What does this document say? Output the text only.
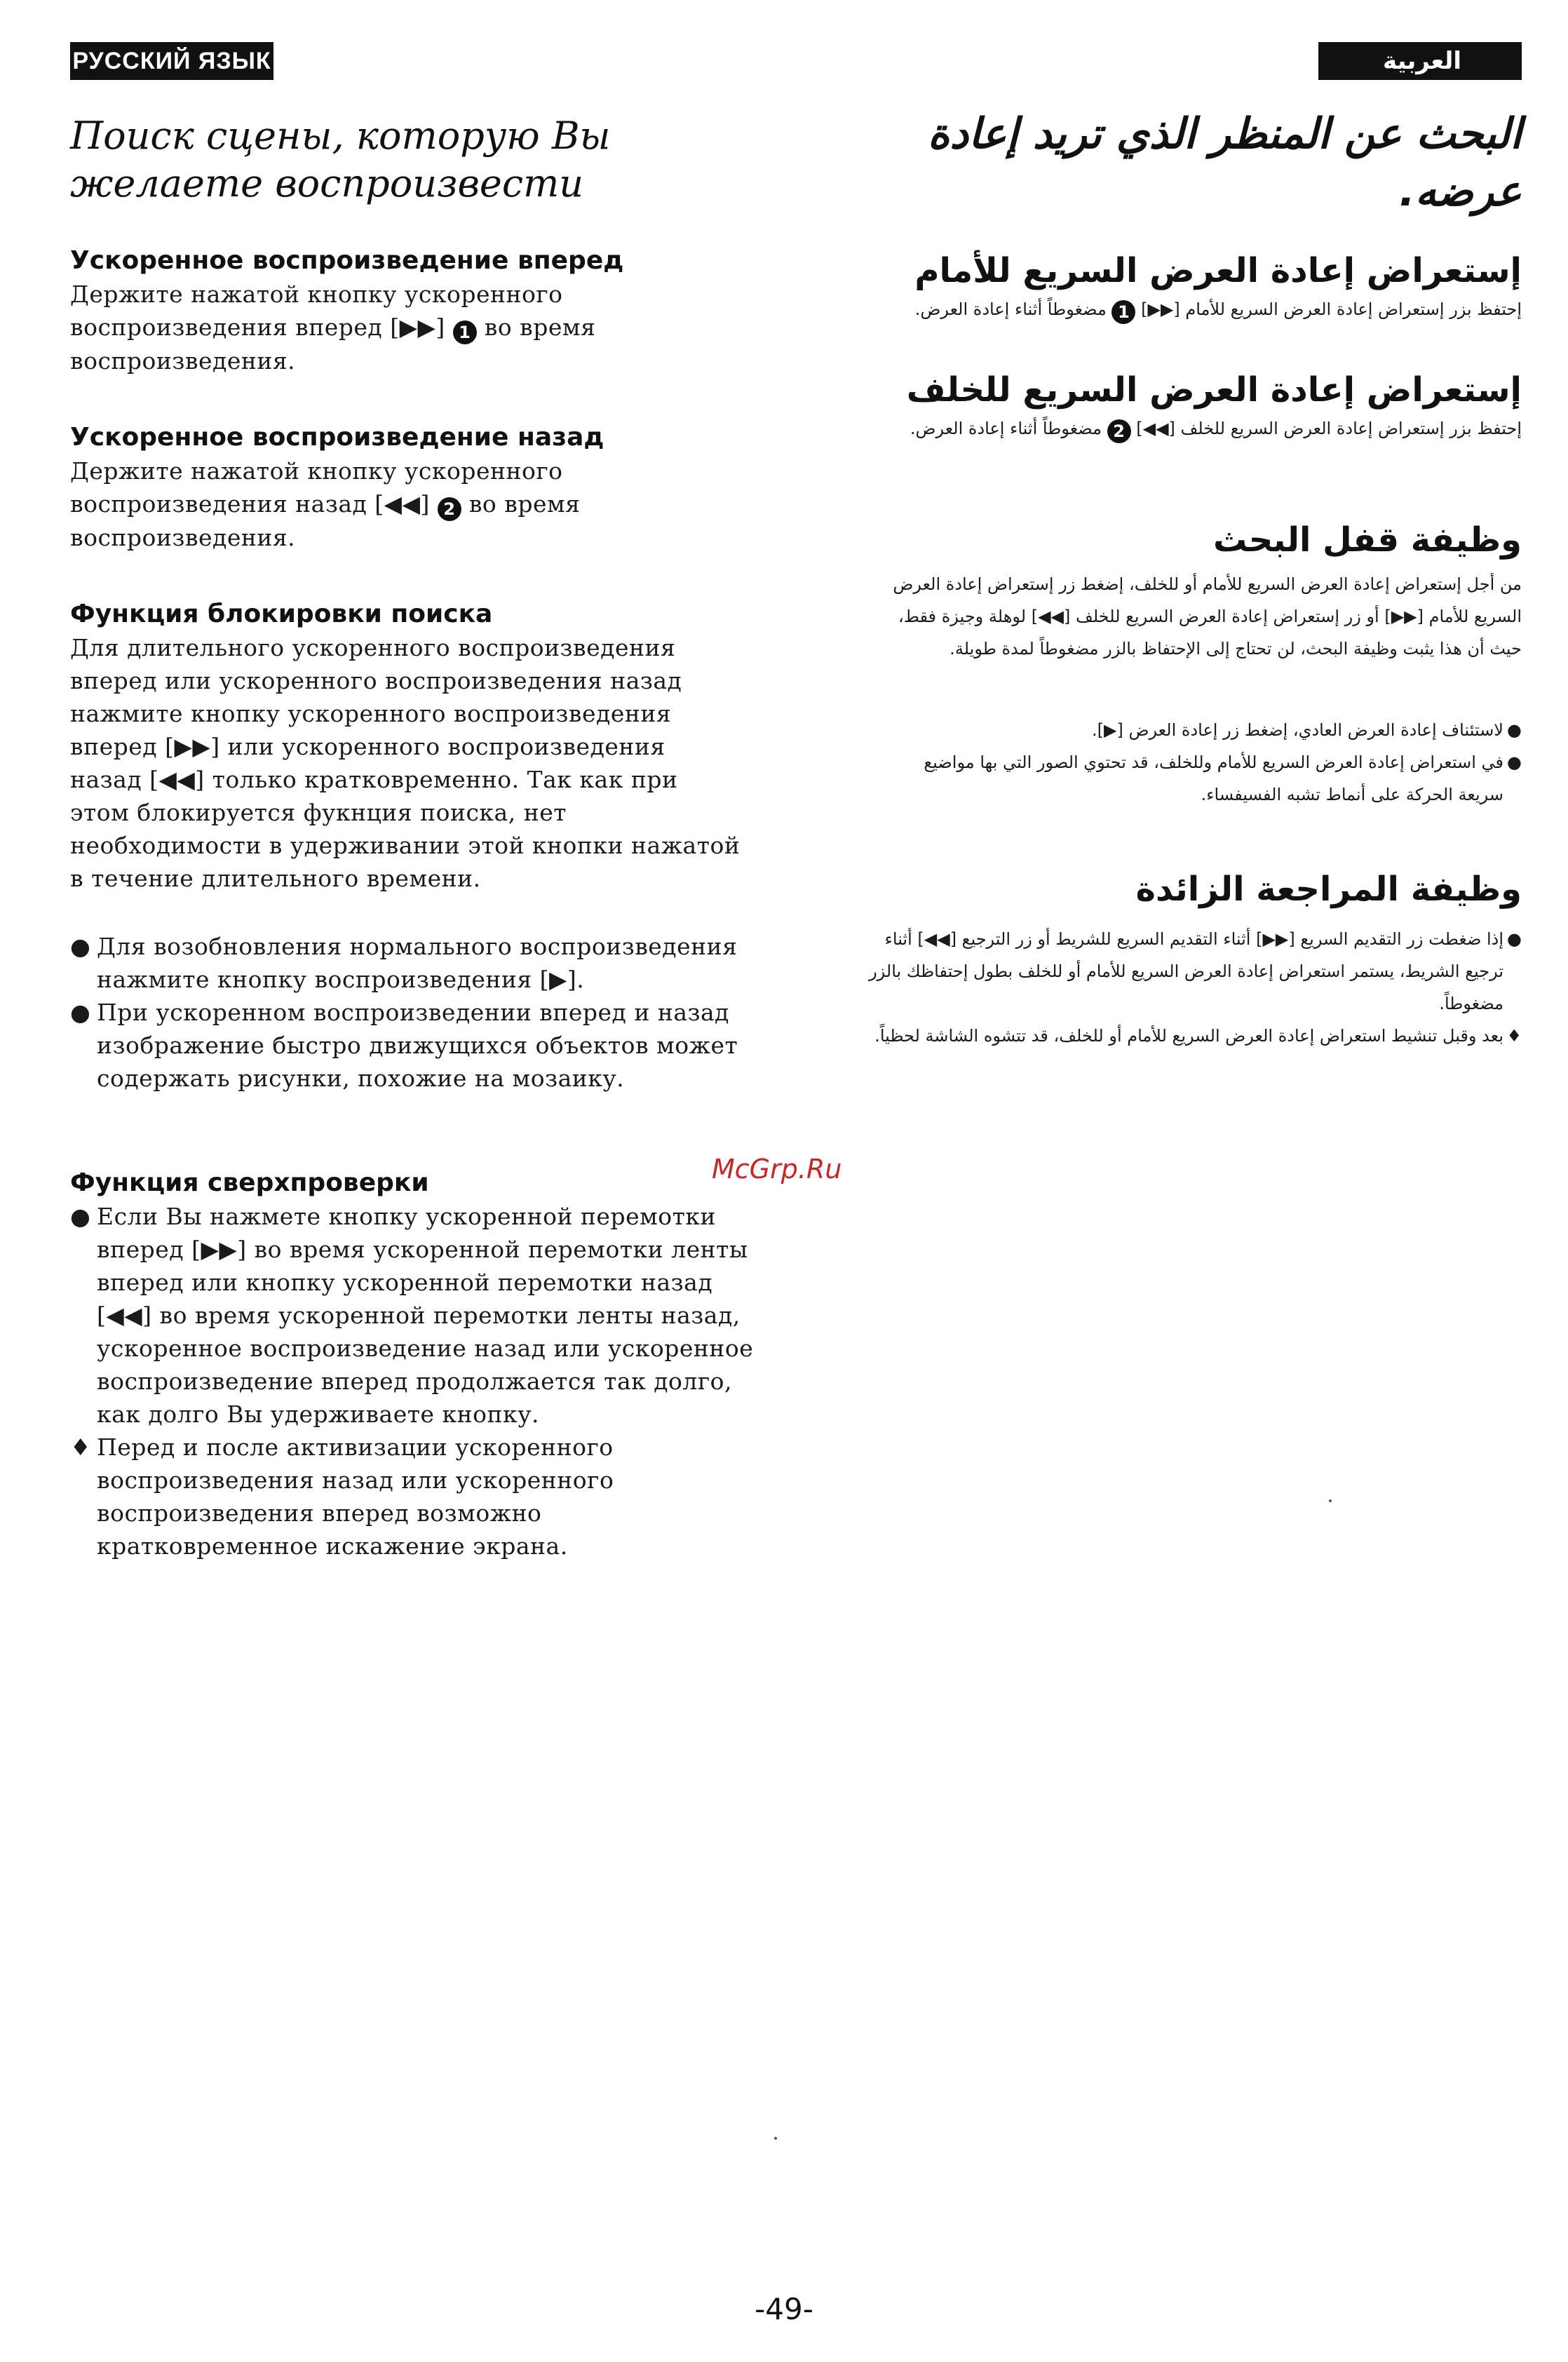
РУССКИЙ ЯЗЫК	العربية
Поиск сцены, которую Вы желаете воспроизвести
Ускоренное воспроизведение вперед

Держите нажатой кнопку ускоренного воспроизведения вперед [▶▶] 1 во время воспроизведения.

Ускоренное воспроизведение назад

Держите нажатой кнопку ускоренного воспроизведения назад [◀◀] 2 во время воспроизведения.

Функция блокировки поиска

Для длительного ускоренного воспроизведения вперед или ускоренного воспроизведения назад нажмите кнопку ускоренного воспроизведения вперед [▶▶] или ускоренного воспроизведения назад [◀◀] только кратковременно. Так как при этом блокируется фукнция поиска, нет необходимости в удерживании этой кнопки нажатой в течение длительного времени.

● Для возобновления нормального воспроизведения нажмите кнопку воспроизведения [▶].
● При ускоренном воспроизведении вперед и назад изображение быстро движущихся объектов может содержать рисунки, похожие на мозаику.
Функция сверхпроверки
● Если Вы нажмете кнопку ускоренной перемотки вперед [▶▶] во время ускоренной перемотки ленты вперед или кнопку ускоренной перемотки назад [◀◀] во время ускоренной перемотки ленты назад, ускоренное воспроизведение назад или ускоренное воспроизведение вперед продолжается так долго, как долго Вы удерживаете кнопку.
♦ Перед и после активизации ускоренного воспроизведения назад или ускоренного воспроизведения вперед возможно кратковременное искажение экрана.
البحث عن المنظر الذي تريد إعادة عرضه.
إستعراض إعادة العرض السريع للأمام

إحتفظ بزر إستعراض إعادة العرض السريع للأمام [▶▶] 1 مضغوطاً أثناء إعادة العرض.

إستعراض إعادة العرض السريع للخلف

إحتفظ بزر إستعراض إعادة العرض السريع للخلف [◀◀] 2 مضغوطاً أثناء إعادة العرض.

وظيفة قفل البحث

من أجل إستعراض إعادة العرض السريع للأمام أو للخلف، إضغط زر إستعراض إعادة العرض السريع للأمام [▶▶] أو زر إستعراض إعادة العرض السريع للخلف [◀◀] لوهلة وجيزة فقط، حيث أن هذا يثبت وظيفة البحث، لن تحتاج إلى الإحتفاظ بالزر مضغوطاً لمدة طويلة.

●
لاستئناف إعادة العرض العادي، إضغط زر إعادة العرض [▶].
●
في استعراض إعادة العرض السريع للأمام وللخلف، قد تحتوي الصور التي بها مواضيع سريعة الحركة على أنماط تشبه الفسيفساء.
وظيفة المراجعة الزائدة
●
إذا ضغطت زر التقديم السريع [▶▶] أثناء التقديم السريع للشريط أو زر الترجيع [◀◀] أثناء ترجيع الشريط، يستمر استعراض إعادة العرض السريع للأمام أو للخلف بطول إحتفاظك بالزر مضغوطاً.
♦
بعد وقبل تنشيط استعراض إعادة العرض السريع للأمام أو للخلف، قد تتشوه الشاشة لحظياً.
McGrp.Ru
-49-
